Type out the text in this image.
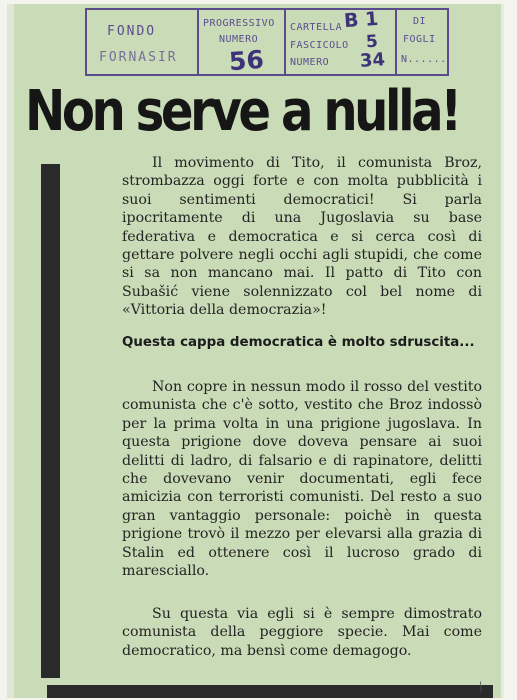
FONDO
FORNASIR
PROGRESSIVO
NUMERO
56
CARTELLA
FASCICOLO
NUMERO
B 1
5
34
DI
FOGLI
N......
Non serve a nulla!

Il movimento di Tito, il comunista Broz, strombazza oggi forte e con molta pubblicità i suoi sentimenti democratici! Si parla ipocritamente di una Jugoslavia su base federativa e democratica e si cerca così di gettare polvere negli occhi agli stupidi, che come si sa non mancano mai. Il patto di Tito con Subašić viene solennizzato col bel nome di «Vittoria della democrazia»!

Questa cappa democratica è molto sdruscita...

Non copre in nessun modo il rosso del vestito comunista che c'è sotto, vestito che Broz indossò per la prima volta in una prigione jugoslava. In questa prigione dove doveva pensare ai suoi delitti di ladro, di falsario e di rapinatore, delitti che dovevano venir documentati, egli fece amicizia con terroristi comunisti. Del resto a suo gran vantaggio personale: poichè in questa prigione trovò il mezzo per elevarsi alla grazia di Stalin ed ottenere così il lucroso grado di maresciallo.

Su questa via egli si è sempre dimostrato comunista della peggiore specie. Mai come democratico, ma bensì come demagogo.

⁄
